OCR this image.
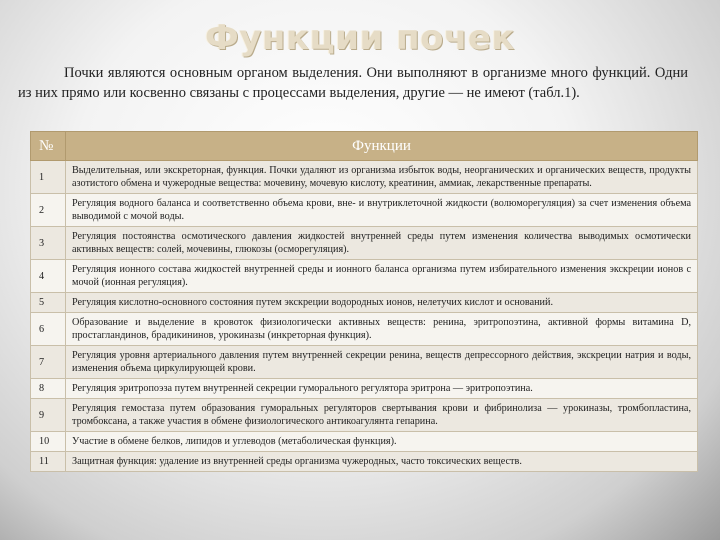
Функции почек
Почки являются основным органом выделения. Они выполняют в организме много функций. Одни из них прямо или косвенно связаны с процессами выделения, другие — не имеют (табл.1).
№	Функции
1	Выделительная, или экскреторная, функция. Почки удаляют из организма избыток воды, неорганических и органических веществ, продукты азотистого обмена и чужеродные вещества: мочевину, мочевую кислоту, креатинин, аммиак, лекарственные препараты.
2	Регуляция водного баланса и соответственно объема крови, вне- и внутриклеточной жидкости (волюморегуляция) за счет изменения объема выводимой с мочой воды.
3	Регуляция постоянства осмотического давления жидкостей внутренней среды путем изменения количества выводимых осмотически активных веществ: солей, мочевины, глюкозы (осморегуляция).
4	Регуляция ионного состава жидкостей внутренней среды и ионного баланса организма путем избирательного изменения экскреции ионов с мочой (ионная регуляция).
5	Регуляция кислотно-основного состояния путем экскреции водородных ионов, нелетучих кислот и оснований.
6	Образование и выделение в кровоток физиологически активных веществ: ренина, эритропоэтина, активной формы витамина D, простагландинов, брадикининов, урокиназы (инкреторная функция).
7	Регуляция уровня артериального давления путем внутренней секреции ренина, веществ депрессорного действия, экскреции натрия и воды, изменения объема циркулирующей крови.
8	Регуляция эритропоэза путем внутренней секреции гуморального регулятора эритрона — эритропоэтина.
9	Регуляция гемостаза путем образования гуморальных регуляторов свертывания крови и фибринолиза — урокиназы, тромбопластина, тромбоксана, а также участия в обмене физиологического антикоагулянта гепарина.
10	Участие в обмене белков, липидов и углеводов (метаболическая функция).
11	Защитная функция: удаление из внутренней среды организма чужеродных, часто токсических веществ.
